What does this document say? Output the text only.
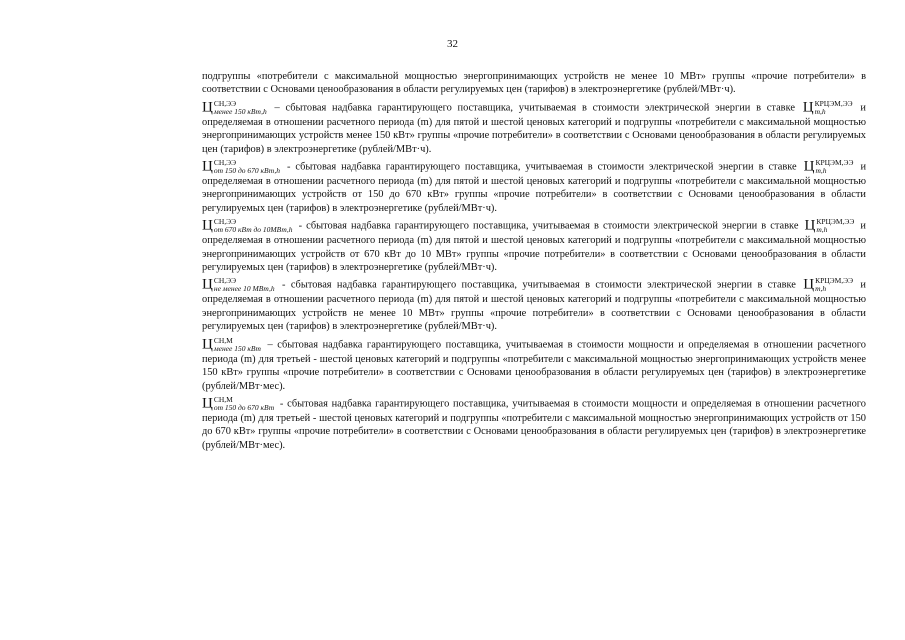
32

подгруппы «потребители с максимальной мощностью энергопринимающих устройств не менее 10 МВт» группы «прочие потребители» в соответствии с Основами ценообразования в области регулируемых цен (тарифов) в электроэнергетике (рублей/МВт·ч).

Ц СН,ЭЭ
менее 150 кВт,h – сбытовая надбавка гарантирующего поставщика, учитываемая в стоимости электрической энергии в ставке Ц КРЦЭМ,ЭЭ
m,h	и определяемая в отношении расчетного периода (m) для пятой и шестой ценовых категорий и подгруппы «потребители с максимальной мощностью энергопринимающих устройств менее 150 кВт» группы «прочие потребители» в соответствии с Основами ценообразования в области регулируемых цен (тарифов) в электроэнергетике (рублей/МВт·ч).

Ц СН,ЭЭ
от 150 до 670 кВт,h - сбытовая надбавка гарантирующего поставщика, учитываемая в стоимости электрической энергии в ставке Ц КРЦЭМ,ЭЭ
m,h	и определяемая в отношении расчетного периода (m) для пятой и шестой ценовых категорий и подгруппы «потребители с максимальной мощностью энергопринимающих устройств от 150 до 670 кВт» группы «прочие потребители» в соответствии с Основами ценообразования в области регулируемых цен (тарифов) в электроэнергетике (рублей/МВт·ч).

Ц СН,ЭЭ
от 670 кВт до 10МВт,h - сбытовая надбавка гарантирующего поставщика, учитываемая в стоимости электрической энергии в ставке Ц КРЦЭМ,ЭЭ
m,h	и определяемая в отношении расчетного периода (m) для пятой и шестой ценовых категорий и подгруппы «потребители с максимальной мощностью энергопринимающих устройств от 670 кВт до 10 МВт» группы «прочие потребители» в соответствии с Основами ценообразования в области регулируемых цен (тарифов) в электроэнергетике (рублей/МВт·ч).

Ц СН,ЭЭ
не менее 10 МВт,h - сбытовая надбавка гарантирующего поставщика, учитываемая в стоимости электрической энергии в ставке Ц КРЦЭМ,ЭЭ
m,h	и определяемая в отношении расчетного периода (m) для пятой и шестой ценовых категорий и подгруппы «потребители с максимальной мощностью энергопринимающих устройств не менее 10 МВт» группы «прочие потребители» в соответствии с Основами ценообразования в области регулируемых цен (тарифов) в электроэнергетике (рублей/МВт·ч).

Ц СН,М
менее 150 кВт – сбытовая надбавка гарантирующего поставщика, учитываемая в стоимости мощности и определяемая в отношении расчетного периода (m) для третьей - шестой ценовых категорий и подгруппы «потребители с максимальной мощностью энергопринимающих устройств менее 150 кВт» группы «прочие потребители» в соответствии с Основами ценообразования в области регулируемых цен (тарифов) в электроэнергетике (рублей/МВт·мес).

Ц СН,М
от 150 до 670 кВт - сбытовая надбавка гарантирующего поставщика, учитываемая в стоимости мощности и определяемая в отношении расчетного периода (m) для третьей - шестой ценовых категорий и подгруппы «потребители с максимальной мощностью энергопринимающих устройств от 150 до 670 кВт» группы «прочие потребители» в соответствии с Основами ценообразования в области регулируемых цен (тарифов) в электроэнергетике (рублей/МВт·мес).
